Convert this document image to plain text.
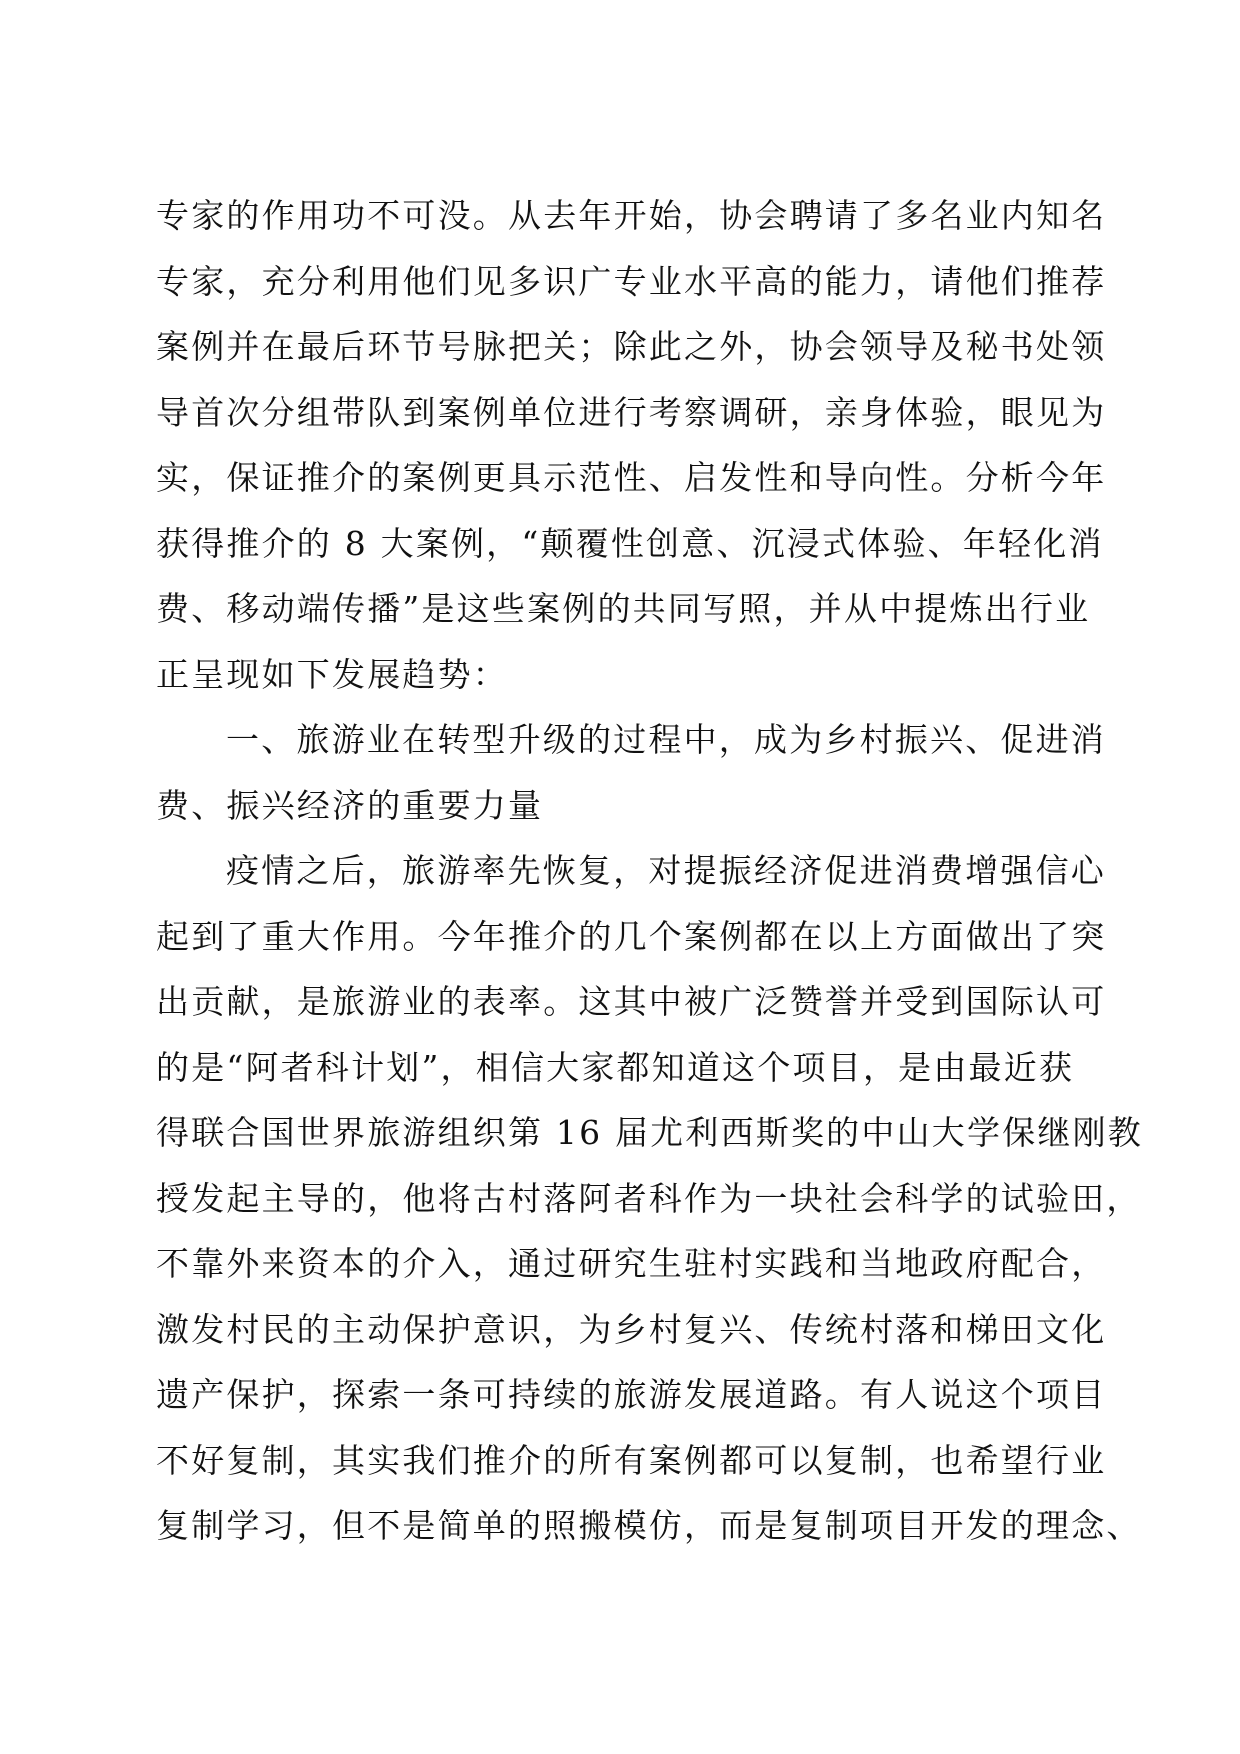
专家的作用功不可没。从去年开始，协会聘请了多名业内知名
专家，充分利用他们见多识广专业水平高的能力，请他们推荐
案例并在最后环节号脉把关；除此之外，协会领导及秘书处领
导首次分组带队到案例单位进行考察调研，亲身体验，眼见为
实，保证推介的案例更具示范性、启发性和导向性。分析今年
获得推介的 8 大案例，“颠覆性创意、沉浸式体验、年轻化消
费、移动端传播”是这些案例的共同写照，并从中提炼出行业
正呈现如下发展趋势：
一、旅游业在转型升级的过程中，成为乡村振兴、促进消
费、振兴经济的重要力量
疫情之后，旅游率先恢复，对提振经济促进消费增强信心
起到了重大作用。今年推介的几个案例都在以上方面做出了突
出贡献，是旅游业的表率。这其中被广泛赞誉并受到国际认可
的是“阿者科计划”，相信大家都知道这个项目，是由最近获
得联合国世界旅游组织第 16 届尤利西斯奖的中山大学保继刚教
授发起主导的，他将古村落阿者科作为一块社会科学的试验田，
不靠外来资本的介入，通过研究生驻村实践和当地政府配合，
激发村民的主动保护意识，为乡村复兴、传统村落和梯田文化
遗产保护，探索一条可持续的旅游发展道路。有人说这个项目
不好复制，其实我们推介的所有案例都可以复制，也希望行业
复制学习，但不是简单的照搬模仿，而是复制项目开发的理念、
